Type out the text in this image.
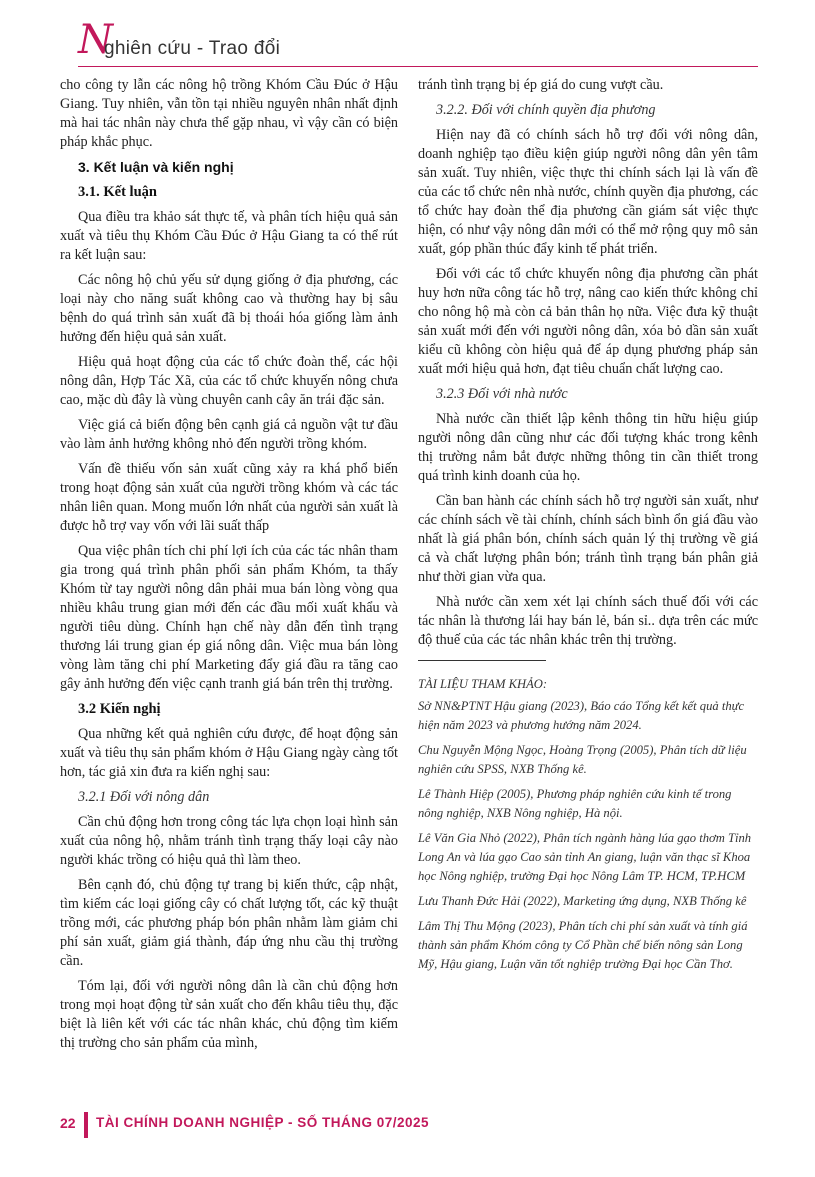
N
ghiên cứu - Trao đổi

cho công ty lẫn các nông hộ trồng Khóm Cầu Đúc ở Hậu Giang. Tuy nhiên, vẫn tồn tại nhiều nguyên nhân nhất định mà hai tác nhân này chưa thể gặp nhau, vì vậy cần có biện pháp khắc phục.

3. Kết luận và kiến nghị
3.1. Kết luận

Qua điều tra khảo sát thực tế, và phân tích hiệu quả sản xuất và tiêu thụ Khóm Cầu Đúc ở Hậu Giang ta có thể rút ra kết luận sau:

Các nông hộ chủ yếu sử dụng giống ở địa phương, các loại này cho năng suất không cao và thường hay bị sâu bệnh do quá trình sản xuất đã bị thoái hóa giống làm ảnh hưởng đến hiệu quả sản xuất.

Hiệu quả hoạt động của các tổ chức đoàn thể, các hội nông dân, Hợp Tác Xã, của các tổ chức khuyến nông chưa cao, mặc dù đây là vùng chuyên canh cây ăn trái đặc sản.

Việc giá cả biến động bên cạnh giá cả nguồn vật tư đầu vào làm ảnh hưởng không nhỏ đến người trồng khóm.

Vấn đề thiếu vốn sản xuất cũng xảy ra khá phổ biến trong hoạt động sản xuất của người trồng khóm và các tác nhân liên quan. Mong muốn lớn nhất của người sản xuất là được hỗ trợ vay vốn với lãi suất thấp

Qua việc phân tích chi phí lợi ích của các tác nhân tham gia trong quá trình phân phối sản phẩm Khóm, ta thấy Khóm từ tay người nông dân phải mua bán lòng vòng qua nhiều khâu trung gian mới đến các đầu mối xuất khẩu và người tiêu dùng. Chính hạn chế này dẫn đến tình trạng thương lái trung gian ép giá nông dân. Việc mua bán lòng vòng làm tăng chi phí Marketing đẩy giá đầu ra tăng cao gây ảnh hưởng đến việc cạnh tranh giá bán trên thị trường.

3.2 Kiến nghị

Qua những kết quả nghiên cứu được, để hoạt động sản xuất và tiêu thụ sản phẩm khóm ở Hậu Giang ngày càng tốt hơn, tác giả xin đưa ra kiến nghị sau:

3.2.1 Đối với nông dân

Cần chủ động hơn trong công tác lựa chọn loại hình sản xuất của nông hộ, nhằm tránh tình trạng thấy loại cây nào người khác trồng có hiệu quả thì làm theo.

Bên cạnh đó, chủ động tự trang bị kiến thức, cập nhật, tìm kiếm các loại giống cây có chất lượng tốt, các kỹ thuật trồng mới, các phương pháp bón phân nhằm làm giảm chi phí sản xuất, giảm giá thành, đáp ứng nhu cầu thị trường cần.

Tóm lại, đối với người nông dân là cần chủ động hơn trong mọi hoạt động từ sản xuất cho đến khâu tiêu thụ, đặc biệt là liên kết với các tác nhân khác, chủ động tìm kiếm thị trường cho sản phẩm của mình,

tránh tình trạng bị ép giá do cung vượt cầu.

3.2.2. Đối với chính quyền địa phương

Hiện nay đã có chính sách hỗ trợ đối với nông dân, doanh nghiệp tạo điều kiện giúp người nông dân yên tâm sản xuất. Tuy nhiên, việc thực thi chính sách lại là vấn đề của các tổ chức nên nhà nước, chính quyền địa phương, các tổ chức hay đoàn thể địa phương cần giám sát việc thực hiện, có như vậy nông dân mới có thể mở rộng quy mô sản xuất, góp phần thúc đẩy kinh tế phát triển.

Đối với các tổ chức khuyến nông địa phương cần phát huy hơn nữa công tác hỗ trợ, nâng cao kiến thức không chỉ cho nông hộ mà còn cả bản thân họ nữa. Việc đưa kỹ thuật sản xuất mới đến với người nông dân, xóa bỏ dần sản xuất kiểu cũ không còn hiệu quả để áp dụng phương pháp sản xuất mới hiệu quả hơn, đạt tiêu chuẩn chất lượng cao.

3.2.3 Đối với nhà nước

Nhà nước cần thiết lập kênh thông tin hữu hiệu giúp người nông dân cũng như các đối tượng khác trong kênh thị trường nắm bắt được những thông tin cần thiết trong quá trình kinh doanh của họ.

Cần ban hành các chính sách hỗ trợ người sản xuất, như các chính sách về tài chính, chính sách bình ổn giá đầu vào nhất là giá phân bón, chính sách quản lý thị trường về giá cả và chất lượng phân bón; tránh tình trạng bán phân giả như thời gian vừa qua.

Nhà nước cần xem xét lại chính sách thuế đối với các tác nhân là thương lái hay bán lẻ, bán sỉ.. dựa trên các mức độ thuế của các tác nhân khác trên thị trường.

TÀI LIỆU THAM KHẢO:
Sở NN&PTNT Hậu giang (2023), Báo cáo Tổng kết kết quả thực hiện năm 2023 và phương hướng năm 2024.
Chu Nguyễn Mộng Ngọc, Hoàng Trọng (2005), Phân tích dữ liệu nghiên cứu SPSS, NXB Thống kê.
Lê Thành Hiệp (2005), Phương pháp nghiên cứu kinh tế trong nông nghiệp, NXB Nông nghiệp, Hà nội.
Lê Văn Gia Nhỏ (2022), Phân tích ngành hàng lúa gạo thơm Tỉnh Long An và lúa gạo Cao sản tỉnh An giang, luận văn thạc sĩ Khoa học Nông nghiệp, trường Đại học Nông Lâm TP. HCM, TP.HCM
Lưu Thanh Đức Hải (2022), Marketing ứng dụng, NXB Thống kê
Lâm Thị Thu Mộng (2023), Phân tích chi phí sản xuất và tính giá thành sản phẩm Khóm công ty Cổ Phần chế biến nông sản Long Mỹ, Hậu giang, Luận văn tốt nghiệp trường Đại học Cần Thơ.
22 TÀI CHÍNH DOANH NGHIỆP - SỐ THÁNG 07/2025
